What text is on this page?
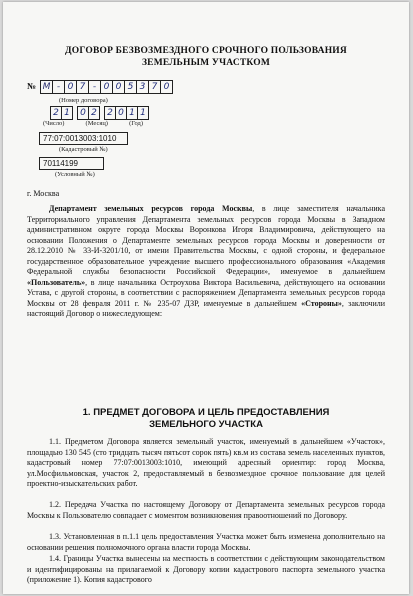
ДОГОВОР БЕЗВОЗМЕЗДНОГО СРОЧНОГО ПОЛЬЗОВАНИЯ
ЗЕМЕЛЬНЫМ УЧАСТКОМ
№ М - 0 7 - 0 0 5 3 7 0
(Номер договора)
2 1	0 2	2 0 1 1
(Число)	(Месяц)	(Год)
77:07:0013003:1010
(Кадастровый №)
70114199
(Условный №)
г. Москва
Департамент земельных ресурсов города Москвы, в лице заместителя начальника Территориального управления Департамента земельных ресурсов города Москвы в Западном административном округе города Москвы Воронкова Игоря Владимировича, действующего на основании Положения о Департаменте земельных ресурсов города Москвы и доверенности от 28.12.2010 № 33-И-3201/10, от имени Правительства Москвы, с одной стороны, и федеральное государственное образовательное учреждение высшего профессионального образования «Академия Федеральной службы безопасности Российской Федерации», именуемое в дальнейшем «Пользователь», в лице начальника Остроухова Виктора Васильевича, действующего на основании Устава, с другой стороны, в соответствии с распоряжением Департамента земельных ресурсов города Москвы от 28 февраля 2011 г. № 235-07 ДЗР, именуемые в дальнейшем «Стороны», заключили настоящий Договор о нижеследующем:
1. ПРЕДМЕТ ДОГОВОРА И ЦЕЛЬ ПРЕДОСТАВЛЕНИЯ
ЗЕМЕЛЬНОГО УЧАСТКА
1.1. Предметом Договора является земельный участок, именуемый в дальнейшем «Участок», площадью 130 545 (сто тридцать тысяч пятьсот сорок пять) кв.м из состава земель населенных пунктов, кадастровый номер 77:07:0013003:1010, имеющий адресный ориентир: город Москва, ул.Мосфильмовская, участок 2, предоставляемый в безвозмездное срочное пользование для целей проектно-изыскательских работ.
1.2. Передача Участка по настоящему Договору от Департамента земельных ресурсов города Москвы к Пользователю совпадает с моментом возникновения правоотношений по Договору.
1.3. Установленная в п.1.1 цель предоставления Участка может быть изменена дополнительно на основании решения полномочного органа власти города Москвы.
1.4. Границы Участка вынесены на местность в соответствии с действующим законодательством и идентифицированы на прилагаемой к Договору копии кадастрового паспорта земельного участка (приложение 1). Копия кадастрового
